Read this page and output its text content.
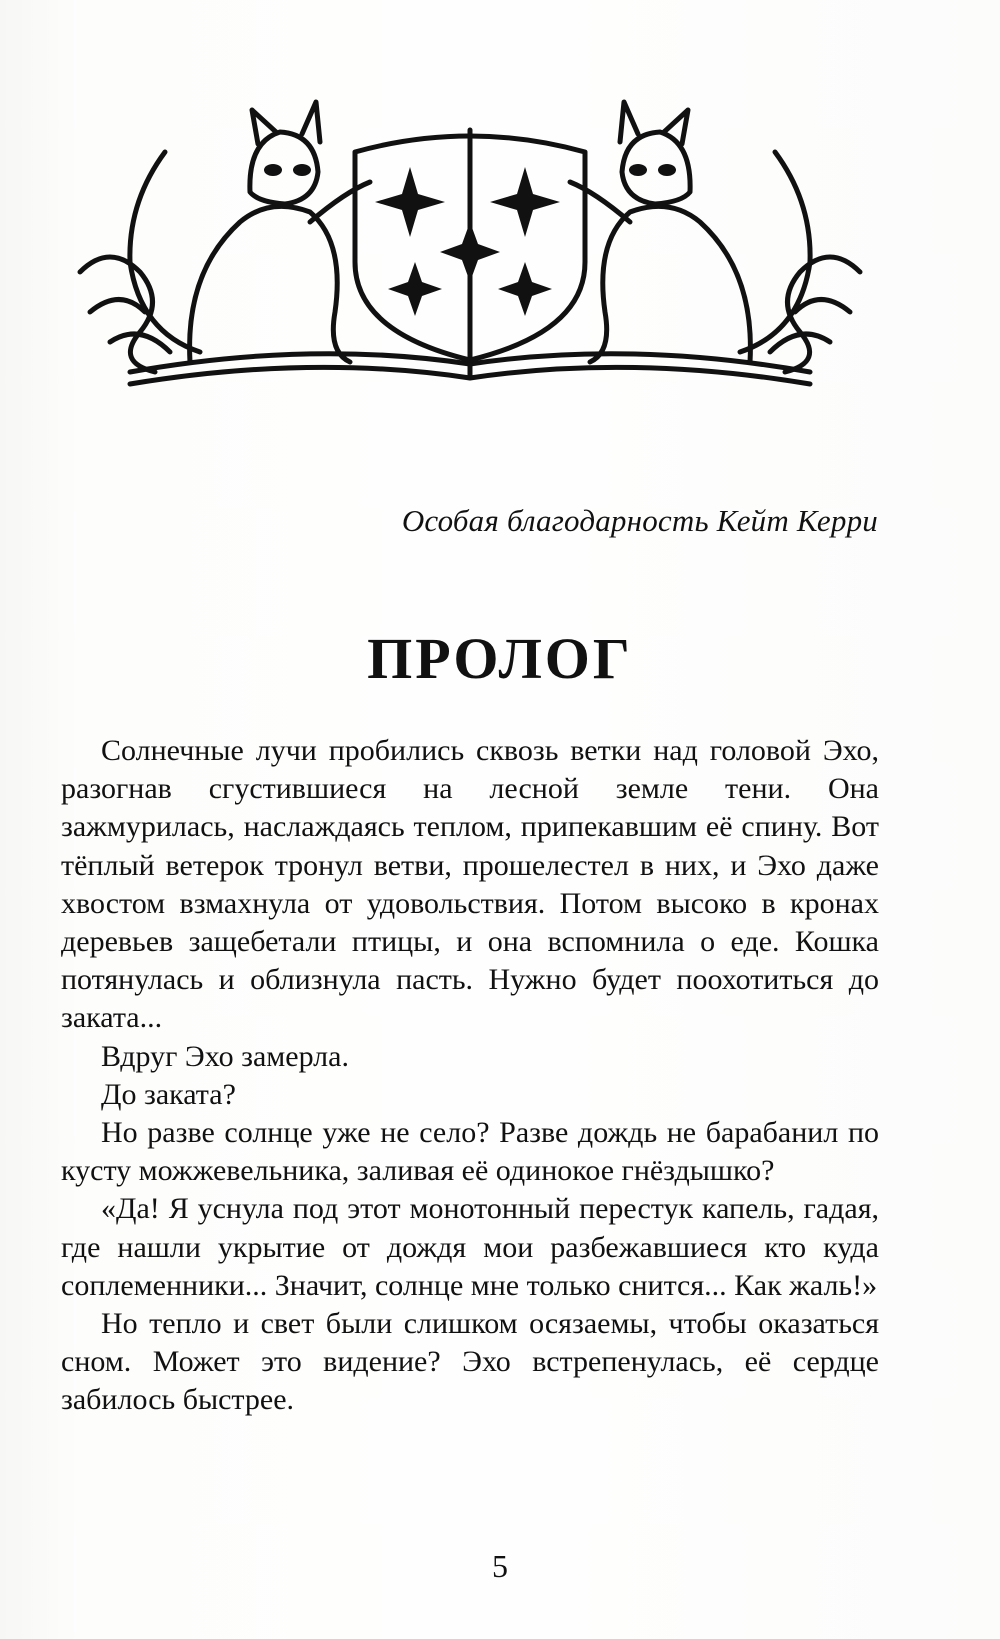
Особая благодарность Кейт Керри
ПРОЛОГ

Солнечные лучи пробились сквозь ветки над головой Эхо, разогнав сгустившиеся на лесной земле тени. Она зажмурилась, наслаждаясь теплом, припекавшим её спину. Вот тёплый ветерок тронул ветви, прошелестел в них, и Эхо даже хвостом взмахнула от удовольствия. Потом высоко в кронах деревьев защебетали птицы, и она вспомнила о еде. Кошка потянулась и облизнула пасть. Нужно будет поохотиться до заката...

Вдруг Эхо замерла.

До заката?

Но разве солнце уже не село? Разве дождь не барабанил по кусту можжевельника, заливая её одинокое гнёздышко?

«Да! Я уснула под этот монотонный перестук капель, гадая, где нашли укрытие от дождя мои разбежавшиеся кто куда соплеменники... Значит, солнце мне только снится... Как жаль!»

Но тепло и свет были слишком осязаемы, чтобы оказаться сном. Может это видение? Эхо встрепенулась, её сердце забилось быстрее.

5
